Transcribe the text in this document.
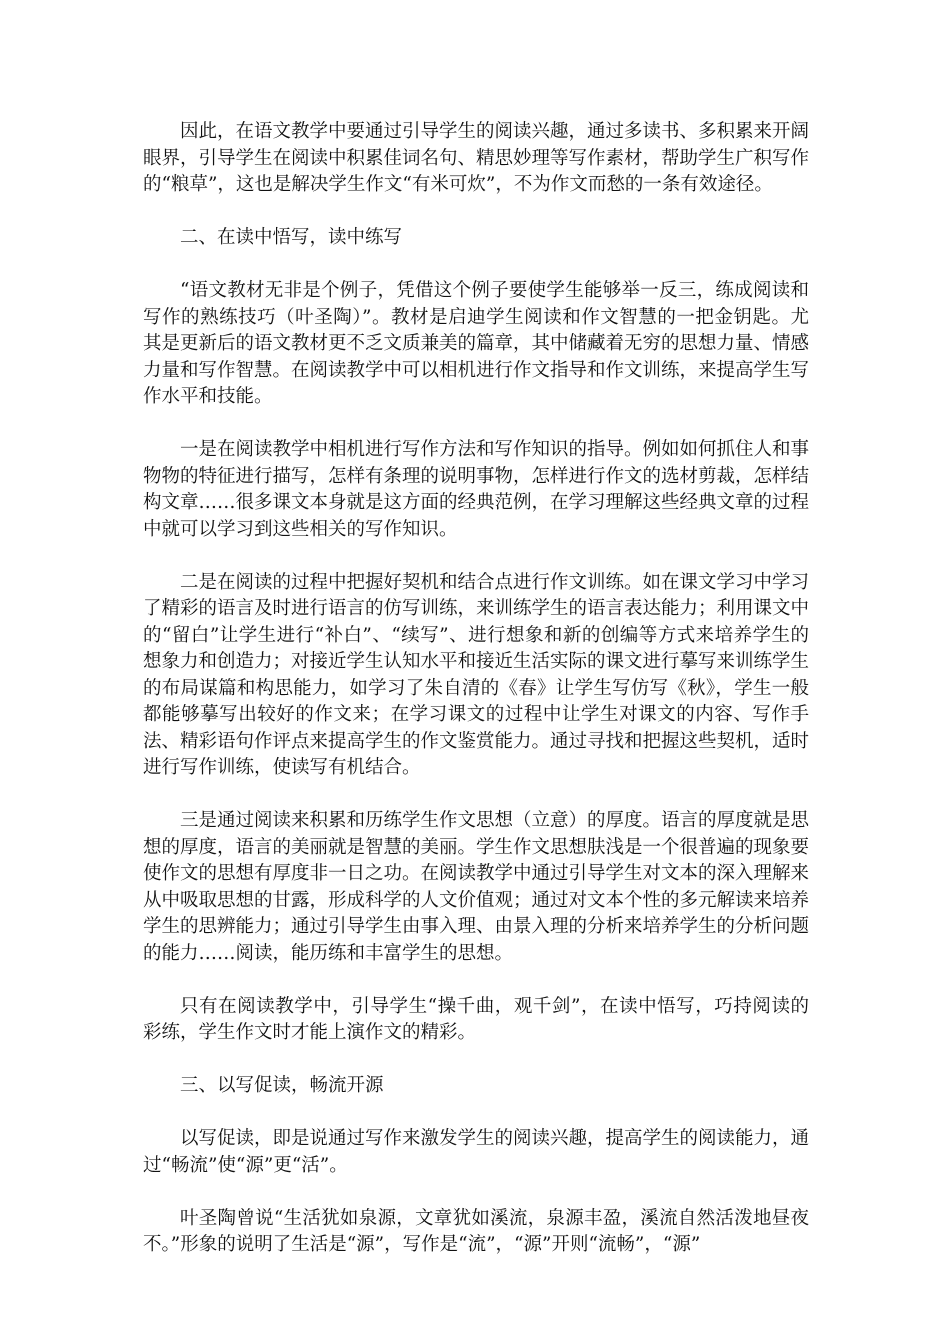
因此，在语文教学中要通过引导学生的阅读兴趣，通过多读书、多积累来开阔眼界，引导学生在阅读中积累佳词名句、精思妙理等写作素材，帮助学生广积写作的“粮草”，这也是解决学生作文“有米可炊”，不为作文而愁的一条有效途径。

二、在读中悟写，读中练写

“语文教材无非是个例子，凭借这个例子要使学生能够举一反三，练成阅读和写作的熟练技巧（叶圣陶）”。教材是启迪学生阅读和作文智慧的一把金钥匙。尤其是更新后的语文教材更不乏文质兼美的篇章，其中储藏着无穷的思想力量、情感力量和写作智慧。在阅读教学中可以相机进行作文指导和作文训练，来提高学生写作水平和技能。

一是在阅读教学中相机进行写作方法和写作知识的指导。例如如何抓住人和事物物的特征进行描写，怎样有条理的说明事物，怎样进行作文的选材剪裁，怎样结构文章……很多课文本身就是这方面的经典范例，在学习理解这些经典文章的过程中就可以学习到这些相关的写作知识。

二是在阅读的过程中把握好契机和结合点进行作文训练。如在课文学习中学习了精彩的语言及时进行语言的仿写训练，来训练学生的语言表达能力；利用课文中的“留白”让学生进行“补白”、“续写”、进行想象和新的创编等方式来培养学生的想象力和创造力；对接近学生认知水平和接近生活实际的课文进行摹写来训练学生的布局谋篇和构思能力，如学习了朱自清的《春》让学生写仿写《秋》，学生一般都能够摹写出较好的作文来；在学习课文的过程中让学生对课文的内容、写作手法、精彩语句作评点来提高学生的作文鉴赏能力。通过寻找和把握这些契机，适时进行写作训练，使读写有机结合。

三是通过阅读来积累和历练学生作文思想（立意）的厚度。语言的厚度就是思想的厚度，语言的美丽就是智慧的美丽。学生作文思想肤浅是一个很普遍的现象要使作文的思想有厚度非一日之功。在阅读教学中通过引导学生对文本的深入理解来从中吸取思想的甘露，形成科学的人文价值观；通过对文本个性的多元解读来培养学生的思辨能力；通过引导学生由事入理、由景入理的分析来培养学生的分析问题的能力……阅读，能历练和丰富学生的思想。

只有在阅读教学中，引导学生“操千曲，观千剑”，在读中悟写，巧持阅读的彩练，学生作文时才能上演作文的精彩。

三、以写促读，畅流开源

以写促读，即是说通过写作来激发学生的阅读兴趣，提高学生的阅读能力，通过“畅流”使“源”更“活”。

叶圣陶曾说“生活犹如泉源，文章犹如溪流，泉源丰盈，溪流自然活泼地昼夜不。”形象的说明了生活是“源”，写作是“流”，“源”开则“流畅”，“源”
